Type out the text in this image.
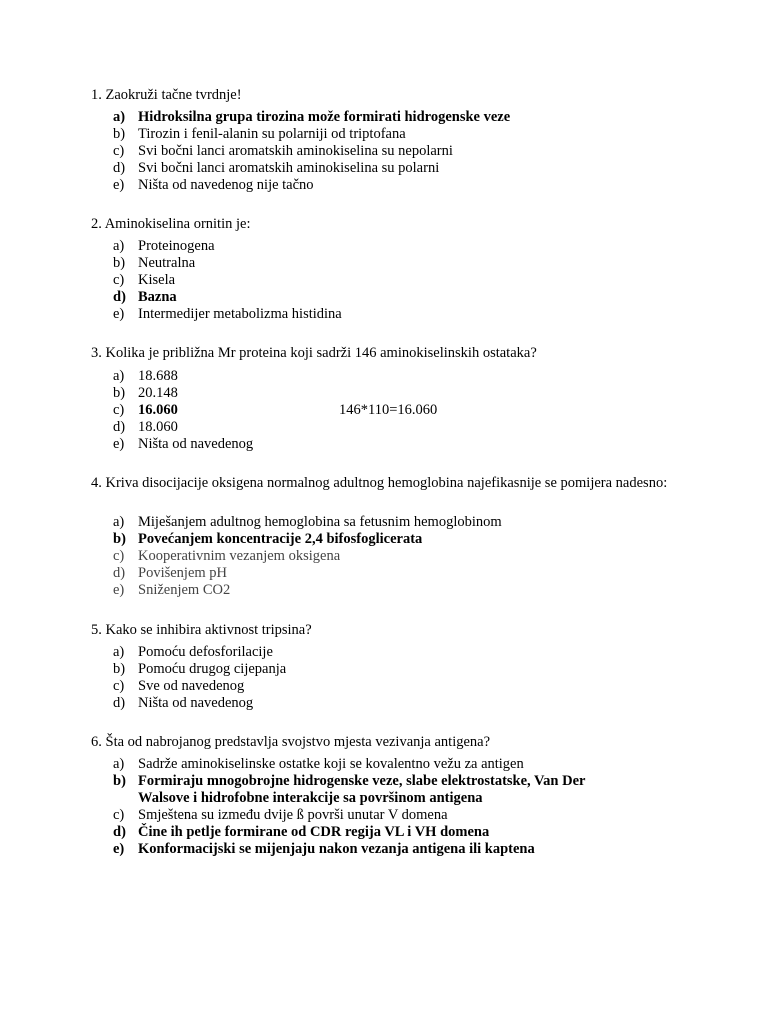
1. Zaokruži tačne tvrdnje!

a) Hidroksilna grupa tirozina može formirati hidrogenske veze
b) Tirozin i fenil-alanin su polarniji od triptofana
c) Svi bočni lanci aromatskih aminokiselina su nepolarni
d) Svi bočni lanci aromatskih aminokiselina su polarni
e) Ništa od navedenog nije tačno

2. Aminokiselina ornitin je:

a) Proteinogena
b) Neutralna
c) Kisela
d) Bazna
e) Intermedijer metabolizma histidina

3. Kolika je približna Mr proteina koji sadrži 146 aminokiselinskih ostataka?

a) 18.688
b) 20.148
c) 16.060	146*110=16.060
d) 18.060
e) Ništa od navedenog

4. Kriva disocijacije oksigena normalnog adultnog hemoglobina najefikasnije se pomijera nadesno:

a) Miješanjem adultnog hemoglobina sa fetusnim hemoglobinom
b) Povećanjem koncentracije 2,4 bifosfoglicerata
c) Kooperativnim vezanjem oksigena
d) Povišenjem pH
e) Sniženjem CO2

5. Kako se inhibira aktivnost tripsina?

a) Pomoću defosforilacije
b) Pomoću drugog cijepanja
c) Sve od navedenog
d) Ništa od navedenog

6. Šta od nabrojanog predstavlja svojstvo mjesta vezivanja antigena?

a) Sadrže aminokiselinske ostatke koji se kovalentno vežu za antigen
b) Formiraju mnogobrojne hidrogenske veze, slabe elektrostatske, Van Der Walsove i hidrofobne interakcije sa površinom antigena
c) Smještena su između dvije ß površi unutar V domena
d) Čine ih petlje formirane od CDR regija VL i VH domena
e) Konformacijski se mijenjaju nakon vezanja antigena ili kaptena
